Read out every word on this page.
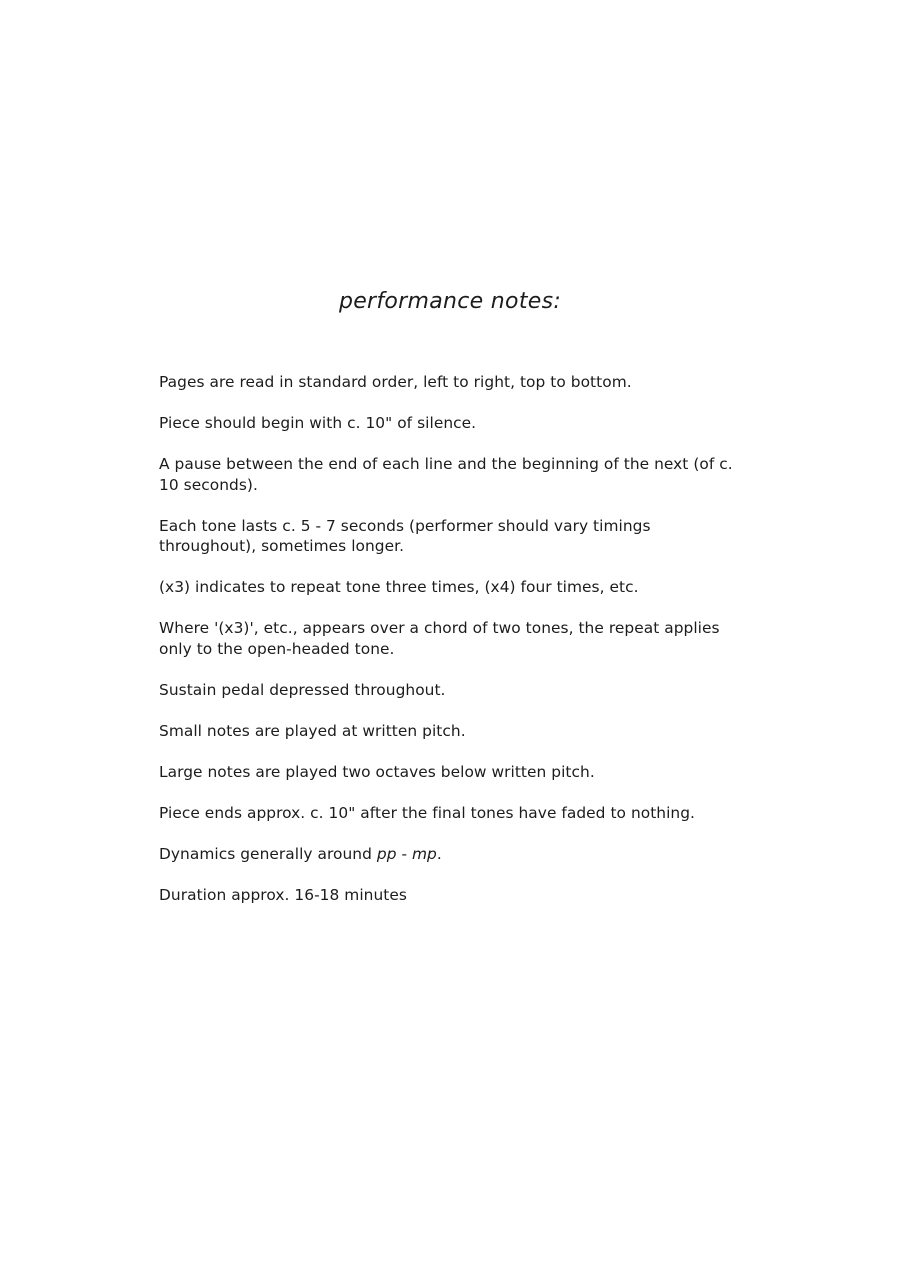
performance notes:
Pages are read in standard order, left to right, top to bottom.
Piece should begin with c. 10" of silence.
A pause between the end of each line and the beginning of the next (of c. 10 seconds).
Each tone lasts c. 5 - 7 seconds (performer should vary timings throughout), sometimes longer.
(x3) indicates to repeat tone three times, (x4) four times, etc.
Where '(x3)', etc., appears over a chord of two tones, the repeat applies only to the open-headed tone.
Sustain pedal depressed throughout.
Small notes are played at written pitch.
Large notes are played two octaves below written pitch.
Piece ends approx. c. 10" after the final tones have faded to nothing.
Dynamics generally around pp - mp.
Duration approx. 16-18 minutes
